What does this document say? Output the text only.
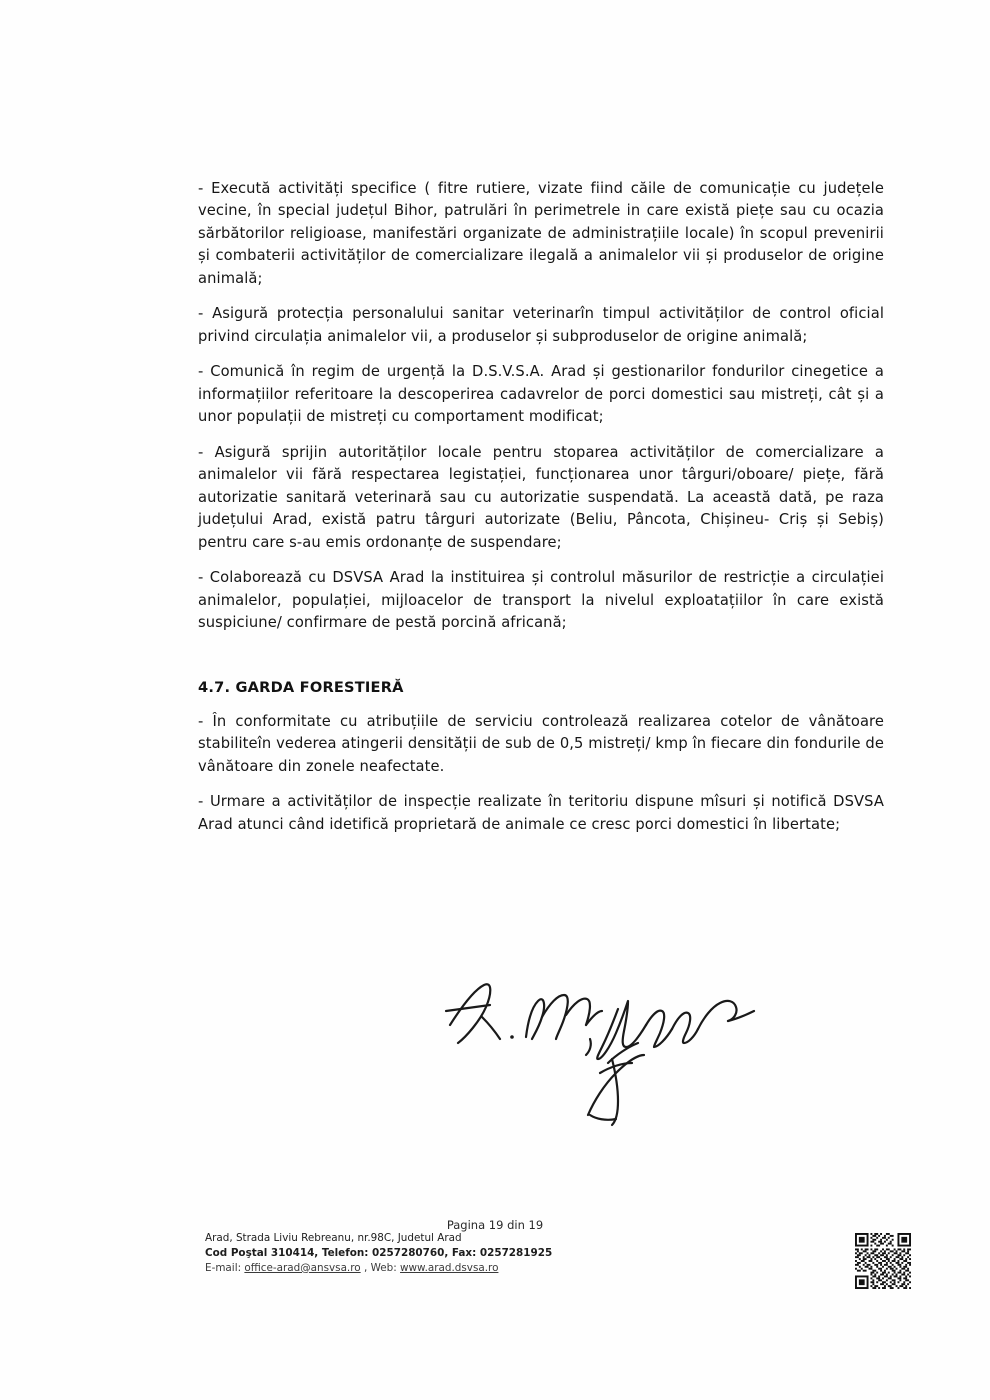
- Execută activități specifice ( fitre rutiere, vizate fiind căile de comunicație cu județele vecine, în special județul Bihor, patrulări în perimetrele in care există piețe sau cu ocazia sărbătorilor religioase, manifestări organizate de administrațiile locale) în scopul prevenirii și combaterii activităților de comercializare ilegală a animalelor vii și produselor de origine animală;

- Asigură protecția personalului sanitar veterinarîn timpul activităților de control oficial privind circulația animalelor vii, a produselor și subproduselor de origine animală;

- Comunică în regim de urgență la D.S.V.S.A. Arad și gestionarilor fondurilor cinegetice a informațiilor referitoare la descoperirea cadavrelor de porci domestici sau mistreți, cât și a unor populații de mistreți cu comportament modificat;

- Asigură sprijin autorităților locale pentru stoparea activităților de comercializare a animalelor vii fără respectarea legistației, funcționarea unor târguri/oboare/ piețe, fără autorizatie sanitară veterinară sau cu autorizatie suspendată. La această dată, pe raza județului Arad, există patru târguri autorizate (Beliu, Pâncota, Chișineu- Criș și Sebiș) pentru care s-au emis ordonanțe de suspendare;

- Colaborează cu DSVSA Arad la instituirea și controlul măsurilor de restricție a circulației animalelor, populației, mijloacelor de transport la nivelul exploatațiilor în care există suspiciune/ confirmare de pestă porcină africană;

4.7. GARDA FORESTIERĂ

- În conformitate cu atribuțiile de serviciu controlează realizarea cotelor de vânătoare stabiliteîn vederea atingerii densității de sub de 0,5 mistreți/ kmp în fiecare din fondurile de vânătoare din zonele neafectate.

- Urmare a activităților de inspecție realizate în teritoriu dispune mîsuri și notifică DSVSA Arad atunci când idetifică proprietară de animale ce cresc porci domestici în libertate;

Pagina 19 din 19
Arad, Strada Liviu Rebreanu, nr.98C, Judetul Arad
Cod Poştal 310414, Telefon: 0257280760, Fax: 0257281925
E-mail: office-arad@ansvsa.ro , Web: www.arad.dsvsa.ro
